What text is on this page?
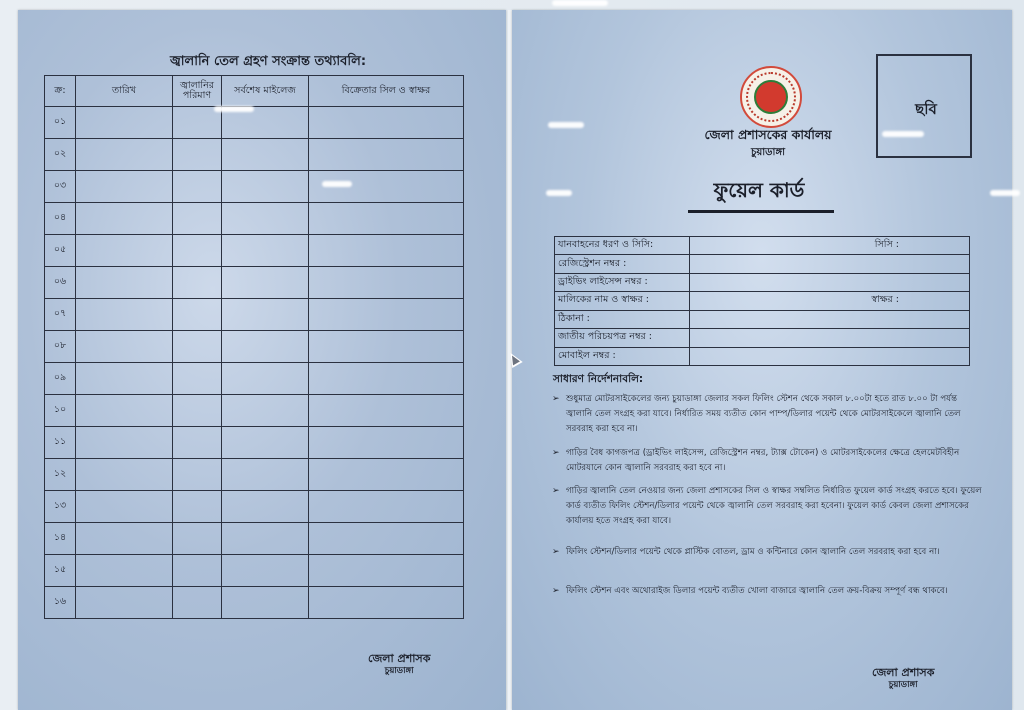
জ্বালানি তেল গ্রহণ সংক্রান্ত তথ্যাবলি:
ক্র:	তারিখ	জ্বালানির পরিমাণ	সর্বশেষ মাইলেজ	বিক্রেতার সিল ও স্বাক্ষর
০১				
০২				
০৩				
০৪				
০৫				
০৬				
০৭				
০৮				
০৯				
১০				
১১				
১২				
১৩				
১৪				
১৫				
১৬				
জেলা প্রশাসক
চুয়াডাঙ্গা
ছবি
জেলা প্রশাসকের কার্যালয়
চুয়াডাঙ্গা
ফুয়েল কার্ড
যানবাহনের ধরণ ও সিসি:	সিসি :
রেজিস্ট্রেশন নম্বর :	
ড্রাইভিং লাইসেন্স নম্বর :	
মালিকের নাম ও স্বাক্ষর :	স্বাক্ষর :
ঠিকানা :	
জাতীয় পরিচয়পত্র নম্বর :	
মোবাইল নম্বর :	
সাধারণ নির্দেশনাবলি:
➢ শুধুমাত্র মোটরসাইকেলের জন্য চুয়াডাঙ্গা জেলার সকল ফিলিং স্টেশন থেকে সকাল ৮.০০টা হতে রাত ৮.০০ টা পর্যন্ত জ্বালানি তেল সংগ্রহ করা যাবে। নির্ধারিত সময় ব্যতীত কোন পাম্প/ডিলার পয়েন্ট থেকে মোটরসাইকেলে জ্বালানি তেল সরবরাহ করা হবে না।
➢ গাড়ির বৈধ কাগজপত্র (ড্রাইভিং লাইসেন্স, রেজিস্ট্রেশন নম্বর, ট্যাক্স টোকেন) ও মোটরসাইকেলের ক্ষেত্রে হেলমেটবিহীন মোটরযানে কোন জ্বালানি সরবরাহ করা হবে না।
➢ গাড়ির জ্বালানি তেল নেওয়ার জন্য জেলা প্রশাসকের সিল ও স্বাক্ষর সম্বলিত নির্ধারিত ফুয়েল কার্ড সংগ্রহ করতে হবে। ফুয়েল কার্ড ব্যতীত ফিলিং স্টেশন/ডিলার পয়েন্ট থেকে জ্বালানি তেল সরবরাহ করা হবেনা। ফুয়েল কার্ড কেবল জেলা প্রশাসকের কার্যালয় হতে সংগ্রহ করা যাবে।
➢ ফিলিং স্টেশন/ডিলার পয়েন্ট থেকে প্লাস্টিক বোতল, ড্রাম ও কন্টিনারে কোন জ্বালানি তেল সরবরাহ করা হবে না।
➢ ফিলিং স্টেশন এবং অথোরাইজ ডিলার পয়েন্ট ব্যতীত খোলা বাজারে জ্বালানি তেল ক্রয়-বিক্রয় সম্পূর্ণ বন্ধ থাকবে।
জেলা প্রশাসক
চুয়াডাঙ্গা
